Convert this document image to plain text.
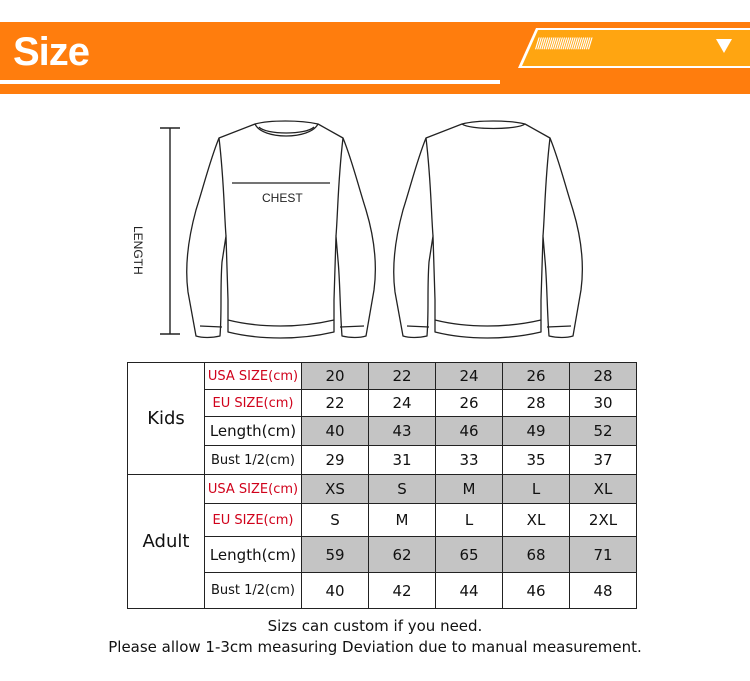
Size	//////////////////////////
CHEST
LENGTH
Kids	USA SIZE(cm)	20	22	24	26	28
	EU SIZE(cm)	22	24	26	28	30
	Length(cm)	40	43	46	49	52
	Bust 1/2(cm)	29	31	33	35	37
Adult	USA SIZE(cm)	XS	S	M	L	XL
	EU SIZE(cm)	S	M	L	XL	2XL
	Length(cm)	59	62	65	68	71
	Bust 1/2(cm)	40	42	44	46	48
Sizs can custom if you need.
Please allow 1-3cm measuring Deviation due to manual measurement.
